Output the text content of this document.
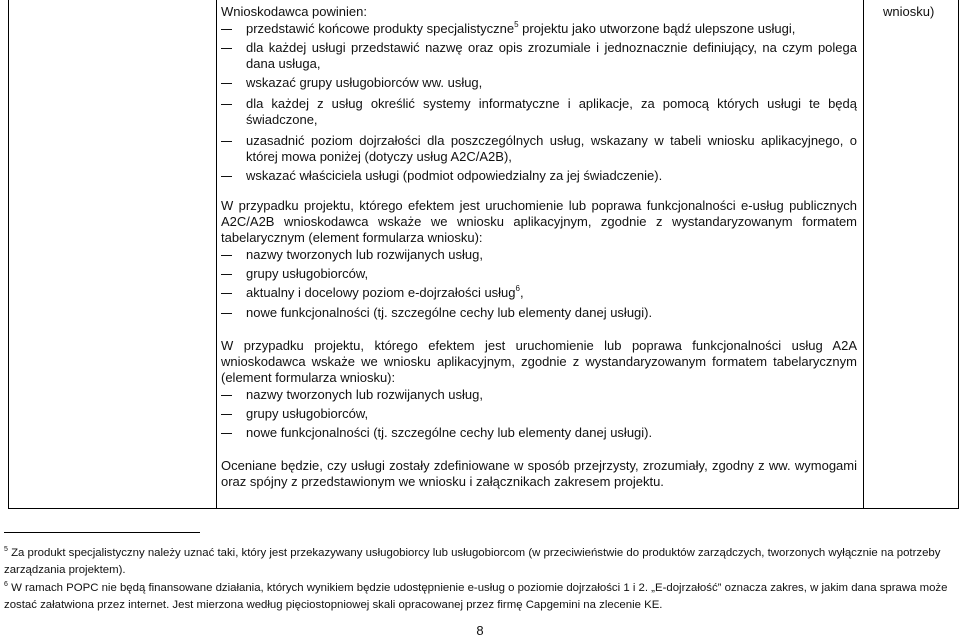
Wnioskodawca powinien:

przedstawić końcowe produkty specjalistyczne$^5$ projektu jako utworzone bądź ulepszone usługi,
dla każdej usługi przedstawić nazwę oraz opis zrozumiale i jednoznacznie definiujący, na czym polega dana usługa,
wskazać grupy usługobiorców ww. usług,
dla każdej z usług określić systemy informatyczne i aplikacje, za pomocą których usługi te będą świadczone,
uzasadnić poziom dojrzałości dla poszczególnych usług, wskazany w tabeli wniosku aplikacyjnego, o której mowa poniżej (dotyczy usług A2C/A2B),
wskazać właściciela usługi (podmiot odpowiedzialny za jej świadczenie).

W przypadku projektu, którego efektem jest uruchomienie lub poprawa funkcjonalności e-usług publicznych A2C/A2B wnioskodawca wskaże we wniosku aplikacyjnym, zgodnie z wystandaryzowanym formatem tabelarycznym (element formularza wniosku):

nazwy tworzonych lub rozwijanych usług,
grupy usługobiorców,
aktualny i docelowy poziom e-dojrzałości usług$^6$,
nowe funkcjonalności (tj. szczególne cechy lub elementy danej usługi).

W przypadku projektu, którego efektem jest uruchomienie lub poprawa funkcjonalności usług A2A wnioskodawca wskaże we wniosku aplikacyjnym, zgodnie z wystandaryzowanym formatem tabelarycznym (element formularza wniosku):

nazwy tworzonych lub rozwijanych usług,
grupy usługobiorców,
nowe funkcjonalności (tj. szczególne cechy lub elementy danej usługi).

Oceniane będzie, czy usługi zostały zdefiniowane w sposób przejrzysty, zrozumiały, zgodny z ww. wymogami oraz spójny z przedstawionym we wniosku i załącznikach zakresem projektu.

wniosku)
$^5$ Za produkt specjalistyczny należy uznać taki, który jest przekazywany usługobiorcy lub usługobiorcom (w przeciwieństwie do produktów zarządczych, tworzonych wyłącznie na potrzeby zarządzania projektem).
$^6$ W ramach POPC nie będą finansowane działania, których wynikiem będzie udostępnienie e-usług o poziomie dojrzałości 1 i 2. „E-dojrzałość” oznacza zakres, w jakim dana sprawa może zostać załatwiona przez internet. Jest mierzona według pięciostopniowej skali opracowanej przez firmę Capgemini na zlecenie KE.
8
